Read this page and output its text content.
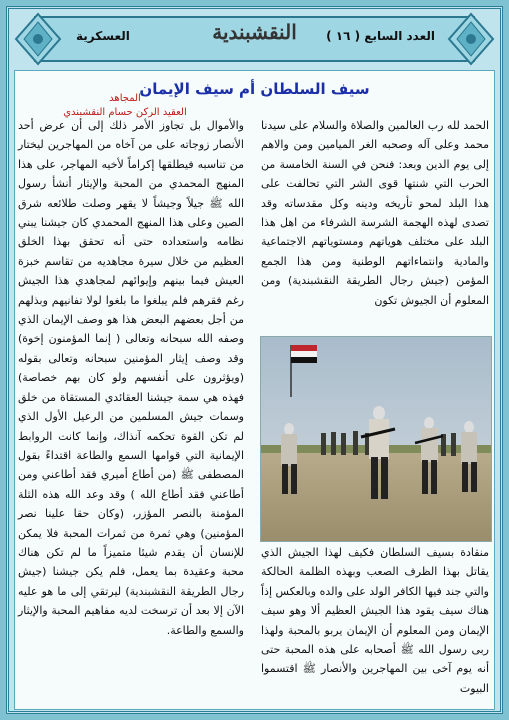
العدد السابع ( ١٦ )
النقشبندية
العسكرية
سيف السلطان أم سيف الإيمان
المجاهد
العقيد الركن حسام النقشبندي

الحمد لله رب العالمين والصلاة والسلام على سيدنا محمد وعلى آله وصحبه الغر الميامين ومن والاهم إلى يوم الدين وبعد: فنحن في السنة الخامسة من الحرب التي شنتها قوى الشر التي تحالفت على هذا البلد لمحو تأريخه ودينه وكل مقدساته وقد تصدى لهذه الهجمة الشرسة الشرفاء من اهل هذا البلد على مختلف هوياتهم ومستوياتهم الاجتماعية والمادية وانتماءاتهم الوطنية ومن هذا الجمع المؤمن (جيش رجال الطريقة النقشبندية) ومن المعلوم أن الجيوش تكون

منقادة بسيف السلطان فكيف لهذا الجيش الذي يقاتل بهذا الظرف الصعب وبهذه الظلمة الحالكة والتي جند فيها الكافر الولد على والده وبالعكس إذاً هناك سيف يقود هذا الجيش العظيم ألا وهو سيف الإيمان ومن المعلوم أن الإيمان يربو بالمحبة ولهذا ربى رسول الله ﷺ أصحابه على هذه المحبة حتى أنه يوم آخى بين المهاجرين والأنصار ﷺ اقتسموا البيوت

والأموال بل تجاوز الأمر ذلك إلى أن عرض أحد الأنصار زوجاته على من آخاه من المهاجرين ليختار من تناسبه فيطلقها إكراماً لأخيه المهاجر، على هذا المنهج المحمدي من المحبة والإيثار أنشأ رسول الله ﷺ جيلاً وجيشاً لا يقهر وصلت طلائعه شرق الصين وعلى هذا المنهج المحمدي كان جيشنا يبني نظامه واستعداده حتى أنه تحقق بهذا الخلق العظيم من خلال سيرة مجاهديه من تقاسم خبزة العيش فيما بينهم وإيوائهم لمجاهدي هذا الجيش رغم فقرهم فلم يبلغوا ما بلغوا لولا تفانيهم وبذلهم من أجل بعضهم البعض هذا هو وصف الإيمان الذي وصفه الله سبحانه وتعالى ( إنما المؤمنون إخوة) وقد وصف إيثار المؤمنين سبحانه وتعالى بقوله (ويؤثرون على أنفسهم ولو كان بهم خصاصة) فهذه هي سمة جيشنا العقائدي المستقاة من خلق وسمات جيش المسلمين من الرعيل الأول الذي لم تكن القوة تحكمه آنذاك، وإنما كانت الروابط الإيمانية التي قوامها السمع والطاعة اقتداءً بقول المصطفى ﷺ (من أطاع أميري فقد أطاعني ومن أطاعني فقد أطاع الله ) وقد وعد الله هذه الثلة المؤمنة بالنصر المؤزر، (وكان حقا علينا نصر المؤمنين) وهي ثمرة من ثمرات المحبة فلا يمكن للإنسان أن يقدم شيئا متميزاً ما لم تكن هناك محبة وعقيدة بما يعمل، فلم يكن جيشنا (جيش رجال الطريقة النقشبندية) ليرتقي إلى ما هو عليه الآن إلا بعد أن ترسخت لديه مفاهيم المحبة والإيثار والسمع والطاعة.
